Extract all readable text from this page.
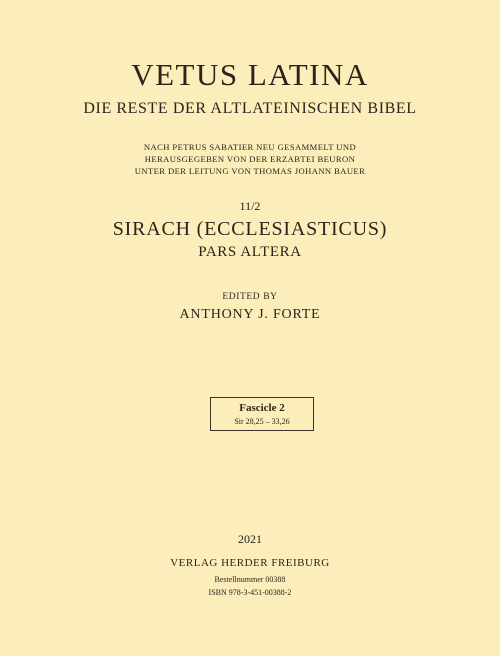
VETUS LATINA
DIE RESTE DER ALTLATEINISCHEN BIBEL
NACH PETRUS SABATIER NEU GESAMMELT UND
HERAUSGEGEBEN VON DER ERZABTEI BEURON
UNTER DER LEITUNG VON THOMAS JOHANN BAUER
11/2
SIRACH (ECCLESIASTICUS)
PARS ALTERA
EDITED BY
ANTHONY J. FORTE
Fascicle 2
Sir 28,25 – 33,26
2021
VERLAG HERDER FREIBURG
Bestellnummer 00388
ISBN 978-3-451-00388-2
